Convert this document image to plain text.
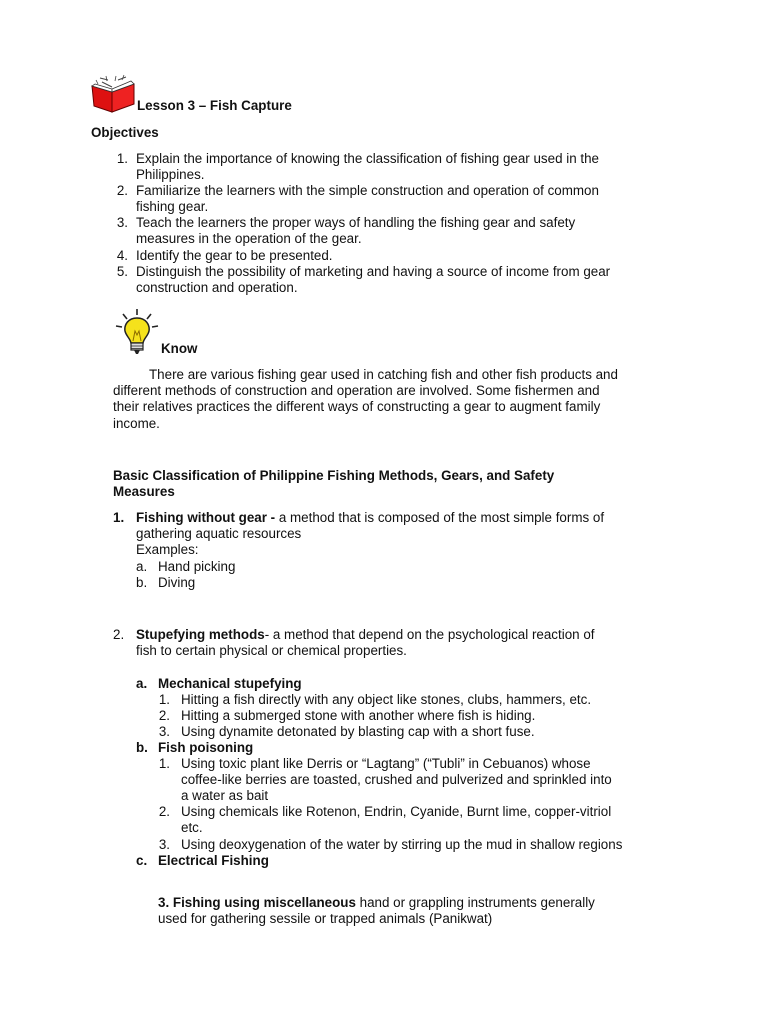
Lesson 3 – Fish Capture
Objectives
1. Explain the importance of knowing the classification of fishing gear used in the
Philippines.
2. Familiarize the learners with the simple construction and operation of common
fishing gear.
3. Teach the learners the proper ways of handling the fishing gear and safety
measures in the operation of the gear.
4. Identify the gear to be presented.
5. Distinguish the possibility of marketing and having a source of income from gear
construction and operation.
Know
There are various fishing gear used in catching fish and other fish products and
different methods of construction and operation are involved. Some fishermen and
their relatives practices the different ways of constructing a gear to augment family
income.
Basic Classification of Philippine Fishing Methods, Gears, and Safety
Measures
1. Fishing without gear - a method that is composed of the most simple forms of
gathering aquatic resources
Examples:
a. Hand picking
b. Diving
2. Stupefying methods- a method that depend on the psychological reaction of
fish to certain physical or chemical properties.
a. Mechanical stupefying
1. Hitting a fish directly with any object like stones, clubs, hammers, etc.
2. Hitting a submerged stone with another where fish is hiding.
3. Using dynamite detonated by blasting cap with a short fuse.
b. Fish poisoning
1. Using toxic plant like Derris or “Lagtang” (“Tubli” in Cebuanos) whose
coffee-like berries are toasted, crushed and pulverized and sprinkled into
a water as bait
2. Using chemicals like Rotenon, Endrin, Cyanide, Burnt lime, copper-vitriol
etc.
3. Using deoxygenation of the water by stirring up the mud in shallow regions
c. Electrical Fishing
3. Fishing using miscellaneous hand or grappling instruments generally
used for gathering sessile or trapped animals (Panikwat)
